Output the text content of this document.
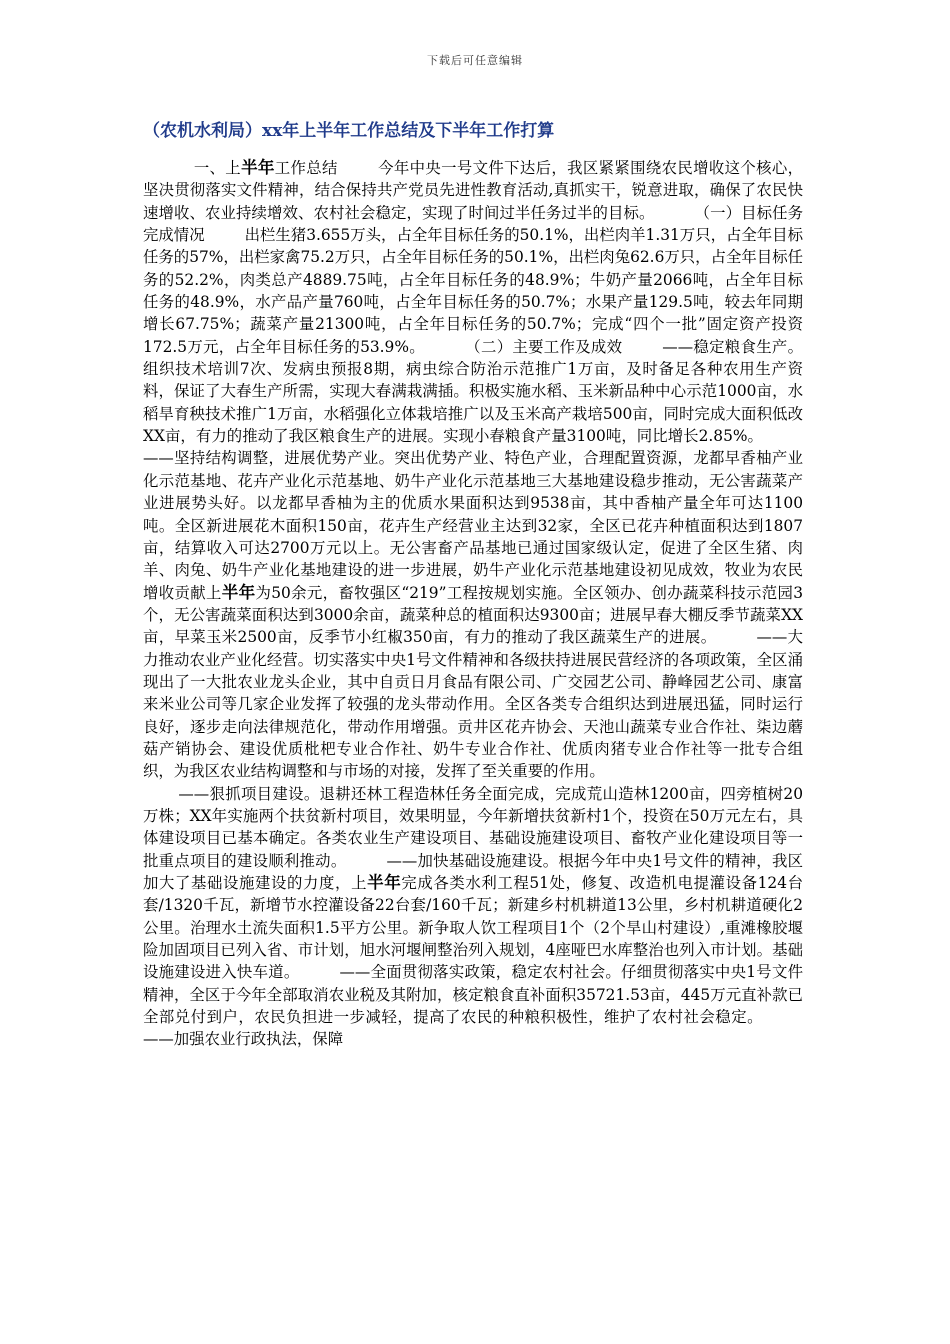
下载后可任意编辑
（农机水利局）xx年上半年工作总结及下半年工作打算

一、上半年工作总结	今年中央一号文件下达后，我区紧紧围绕农民增收这个核心，坚决贯彻落实文件精神，结合保持共产党员先进性教育活动,真抓实干，锐意进取，确保了农民快速增收、农业持续增效、农村社会稳定，实现了时间过半任务过半的目标。	（一）目标任务完成情况	出栏生猪3.655万头，占全年目标任务的50.1%，出栏肉羊1.31万只，占全年目标任务的57%，出栏家禽75.2万只，占全年目标任务的50.1%，出栏肉兔62.6万只，占全年目标任务的52.2%，肉类总产4889.75吨，占全年目标任务的48.9%；牛奶产量2066吨，占全年目标任务的48.9%，水产品产量760吨，占全年目标任务的50.7%；水果产量129.5吨，较去年同期增长67.75%；蔬菜产量21300吨，占全年目标任务的50.7%；完成“四个一批”固定资产投资172.5万元，占全年目标任务的53.9%。	（二）主要工作及成效	——稳定粮食生产。组织技术培训7次、发病虫预报8期，病虫综合防治示范推广1万亩，及时备足各种农用生产资料，保证了大春生产所需，实现大春满栽满插。积极实施水稻、玉米新品种中心示范1000亩，水稻旱育秧技术推广1万亩，水稻强化立体栽培推广以及玉米高产栽培500亩，同时完成大面积低改XX亩，有力的推动了我区粮食生产的进展。实现小春粮食产量3100吨，同比增长2.85%。——坚持结构调整，进展优势产业。突出优势产业、特色产业，合理配置资源，龙都早香柚产业化示范基地、花卉产业化示范基地、奶牛产业化示范基地三大基地建设稳步推动，无公害蔬菜产业进展势头好。以龙都早香柚为主的优质水果面积达到9538亩，其中香柚产量全年可达1100吨。全区新进展花木面积150亩，花卉生产经营业主达到32家，全区已花卉种植面积达到1807亩，结算收入可达2700万元以上。无公害畜产品基地已通过国家级认定，促进了全区生猪、肉羊、肉兔、奶牛产业化基地建设的进一步进展，奶牛产业化示范基地建设初见成效，牧业为农民增收贡献上半年为50余元，畜牧强区“219”工程按规划实施。全区领办、创办蔬菜科技示范园3个，无公害蔬菜面积达到3000余亩，蔬菜种总的植面积达9300亩；进展早春大棚反季节蔬菜XX亩，早菜玉米2500亩，反季节小红椒350亩，有力的推动了我区蔬菜生产的进展。	——大力推动农业产业化经营。切实落实中央1号文件精神和各级扶持进展民营经济的各项政策，全区涌现出了一大批农业龙头企业，其中自贡日月食品有限公司、广交园艺公司、静峰园艺公司、康富来米业公司等几家企业发挥了较强的龙头带动作用。全区各类专合组织达到进展迅猛，同时运行良好，逐步走向法律规范化，带动作用增强。贡井区花卉协会、天池山蔬菜专业合作社、柒边蘑菇产销协会、建设优质枇杷专业合作社、奶牛专业合作社、优质肉猪专业合作社等一批专合组织，为我区农业结构调整和与市场的对接，发挥了至关重要的作用。

——狠抓项目建设。退耕还林工程造林任务全面完成，完成荒山造林1200亩，四旁植树20万株；XX年实施两个扶贫新村项目，效果明显，今年新增扶贫新村1个，投资在50万元左右，具体建设项目已基本确定。各类农业生产建设项目、基础设施建设项目、畜牧产业化建设项目等一批重点项目的建设顺利推动。	——加快基础设施建设。根据今年中央1号文件的精神，我区加大了基础设施建设的力度，上半年完成各类水利工程51处，修复、改造机电提灌设备124台套/1320千瓦，新增节水控灌设备22台套/160千瓦；新建乡村机耕道13公里，乡村机耕道硬化2公里。治理水土流失面积1.5平方公里。新争取人饮工程项目1个（2个旱山村建设）,重滩橡胶堰险加固项目已列入省、市计划，旭水河堰闸整治列入规划，4座哑巴水库整治也列入市计划。基础设施建设进入快车道。	——全面贯彻落实政策，稳定农村社会。仔细贯彻落实中央1号文件精神，全区于今年全部取消农业税及其附加，核定粮食直补面积35721.53亩，445万元直补款已全部兑付到户，农民负担进一步减轻，提高了农民的种粮积极性，维护了农村社会稳定。——加强农业行政执法，保障
